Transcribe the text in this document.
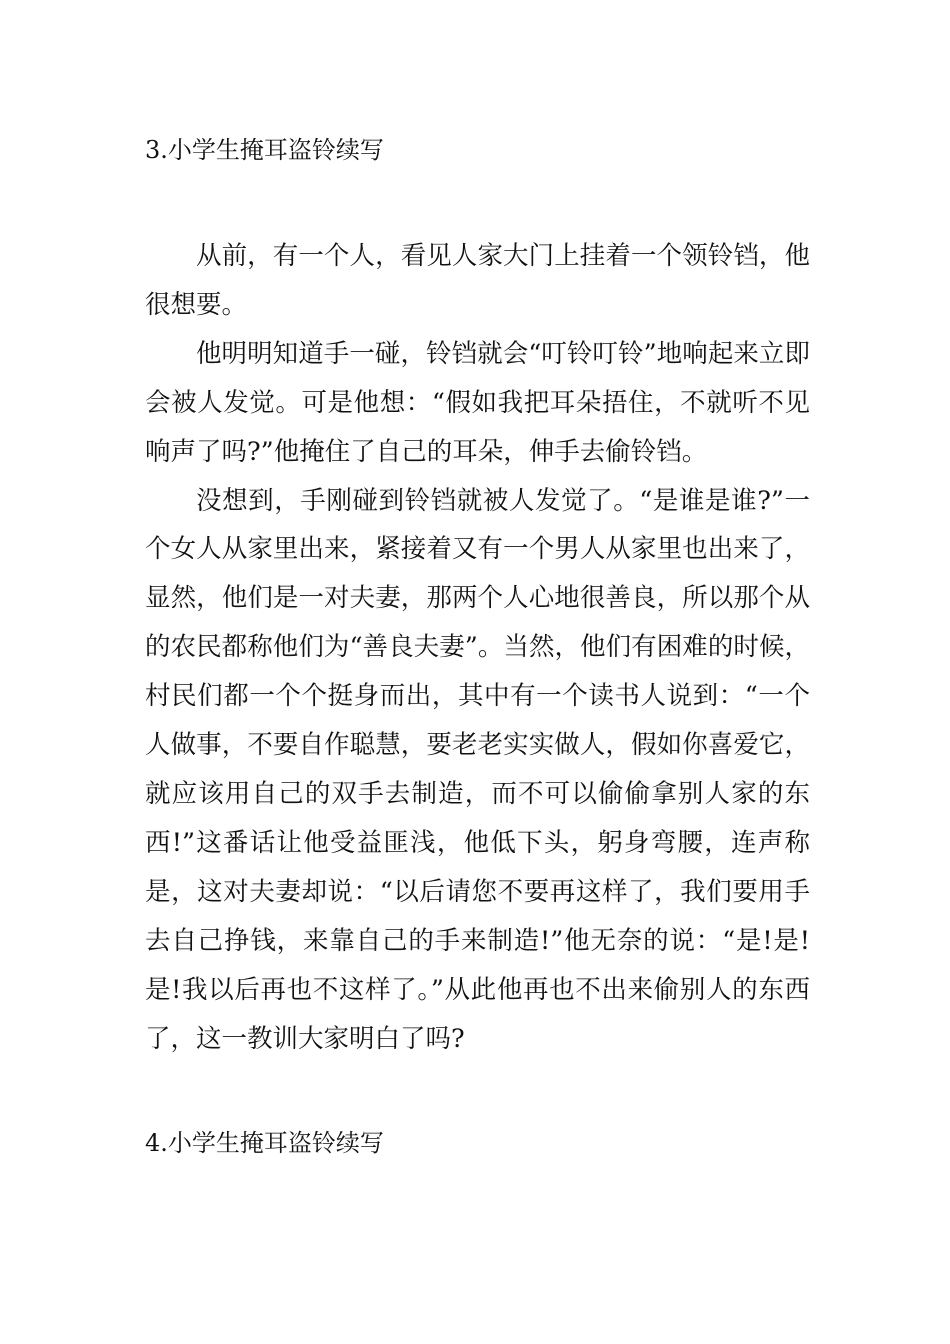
3.小学生掩耳盗铃续写

从前，有一个人，看见人家大门上挂着一个领铃铛，他很想要。

他明明知道手一碰，铃铛就会“叮铃叮铃”地响起来立即会被人发觉。可是他想：“假如我把耳朵捂住，不就听不见响声了吗?”他掩住了自己的耳朵，伸手去偷铃铛。

没想到，手刚碰到铃铛就被人发觉了。“是谁是谁?”一个女人从家里出来，紧接着又有一个男人从家里也出来了，显然，他们是一对夫妻，那两个人心地很善良，所以那个从的农民都称他们为“善良夫妻”。当然，他们有困难的时候，村民们都一个个挺身而出，其中有一个读书人说到：“一个人做事，不要自作聪慧，要老老实实做人，假如你喜爱它，就应该用自己的双手去制造，而不可以偷偷拿别人家的东西!”这番话让他受益匪浅，他低下头，躬身弯腰，连声称是，这对夫妻却说：“以后请您不要再这样了，我们要用手去自己挣钱，来靠自己的手来制造!”他无奈的说：“是!是!是!我以后再也不这样了。”从此他再也不出来偷别人的东西了，这一教训大家明白了吗?

4.小学生掩耳盗铃续写
